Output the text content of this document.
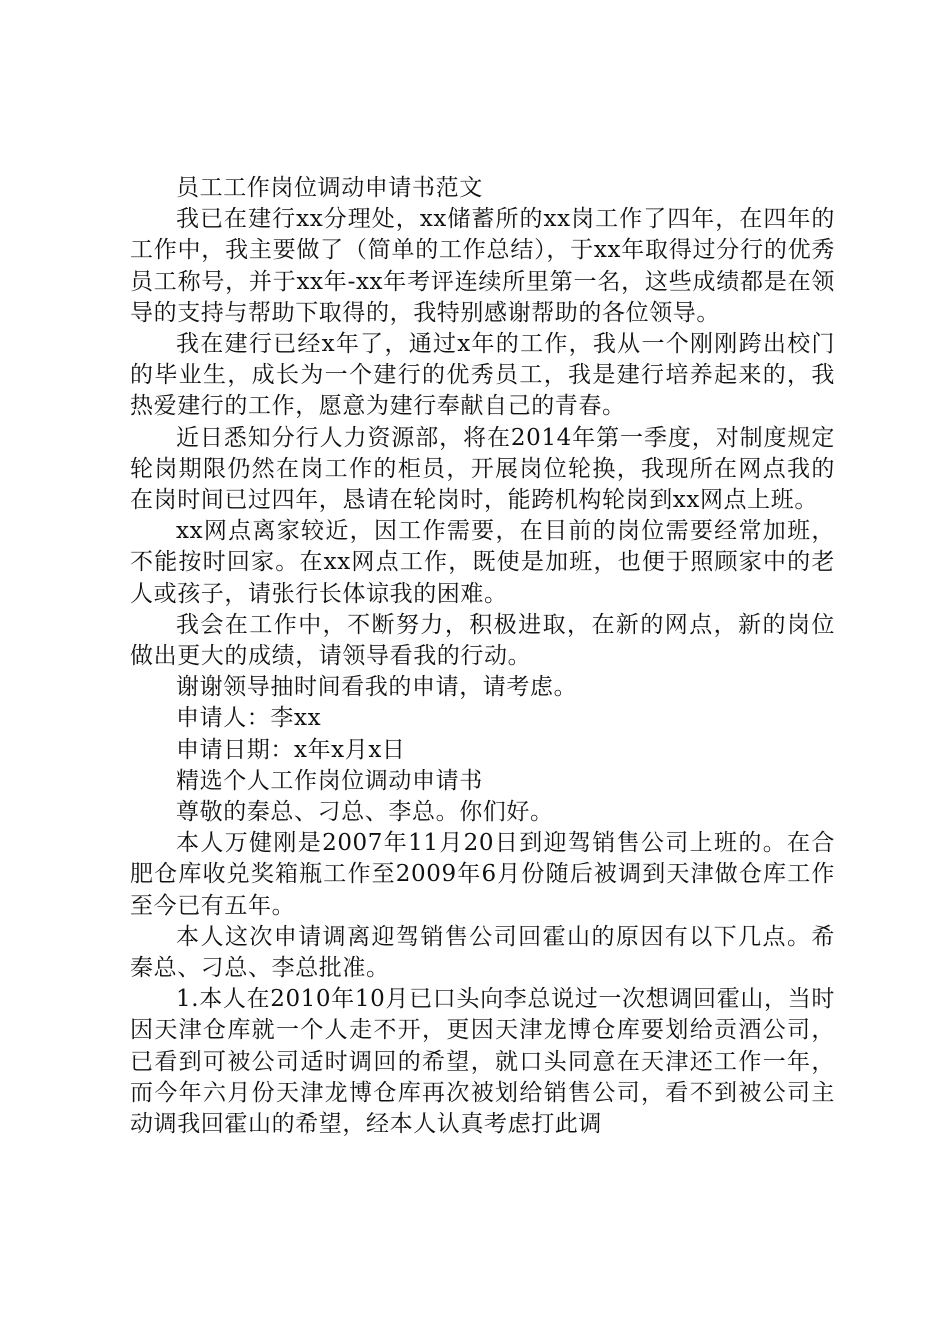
员工工作岗位调动申请书范文

我已在建行xx分理处，xx储蓄所的xx岗工作了四年，在四年的工作中，我主要做了（简单的工作总结），于xx年取得过分行的优秀员工称号，并于xx年-xx年考评连续所里第一名，这些成绩都是在领导的支持与帮助下取得的，我特别感谢帮助的各位领导。

我在建行已经x年了，通过x年的工作，我从一个刚刚跨出校门的毕业生，成长为一个建行的优秀员工，我是建行培养起来的，我热爱建行的工作，愿意为建行奉献自己的青春。

近日悉知分行人力资源部，将在2014年第一季度，对制度规定轮岗期限仍然在岗工作的柜员，开展岗位轮换，我现所在网点我的在岗时间已过四年，恳请在轮岗时，能跨机构轮岗到xx网点上班。

xx网点离家较近，因工作需要，在目前的岗位需要经常加班，不能按时回家。在xx网点工作，既使是加班，也便于照顾家中的老人或孩子，请张行长体谅我的困难。

我会在工作中，不断努力，积极进取，在新的网点，新的岗位做出更大的成绩，请领导看我的行动。

谢谢领导抽时间看我的申请，请考虑。

申请人：李xx

申请日期：x年x月x日

精选个人工作岗位调动申请书

尊敬的秦总、刁总、李总。你们好。

本人万健刚是2007年11月20日到迎驾销售公司上班的。在合肥仓库收兑奖箱瓶工作至2009年6月份随后被调到天津做仓库工作至今已有五年。

本人这次申请调离迎驾销售公司回霍山的原因有以下几点。希秦总、刁总、李总批准。

1.本人在2010年10月已口头向李总说过一次想调回霍山，当时因天津仓库就一个人走不开，更因天津龙博仓库要划给贡酒公司，已看到可被公司适时调回的希望，就口头同意在天津还工作一年，而今年六月份天津龙博仓库再次被划给销售公司，看不到被公司主动调我回霍山的希望，经本人认真考虑打此调
